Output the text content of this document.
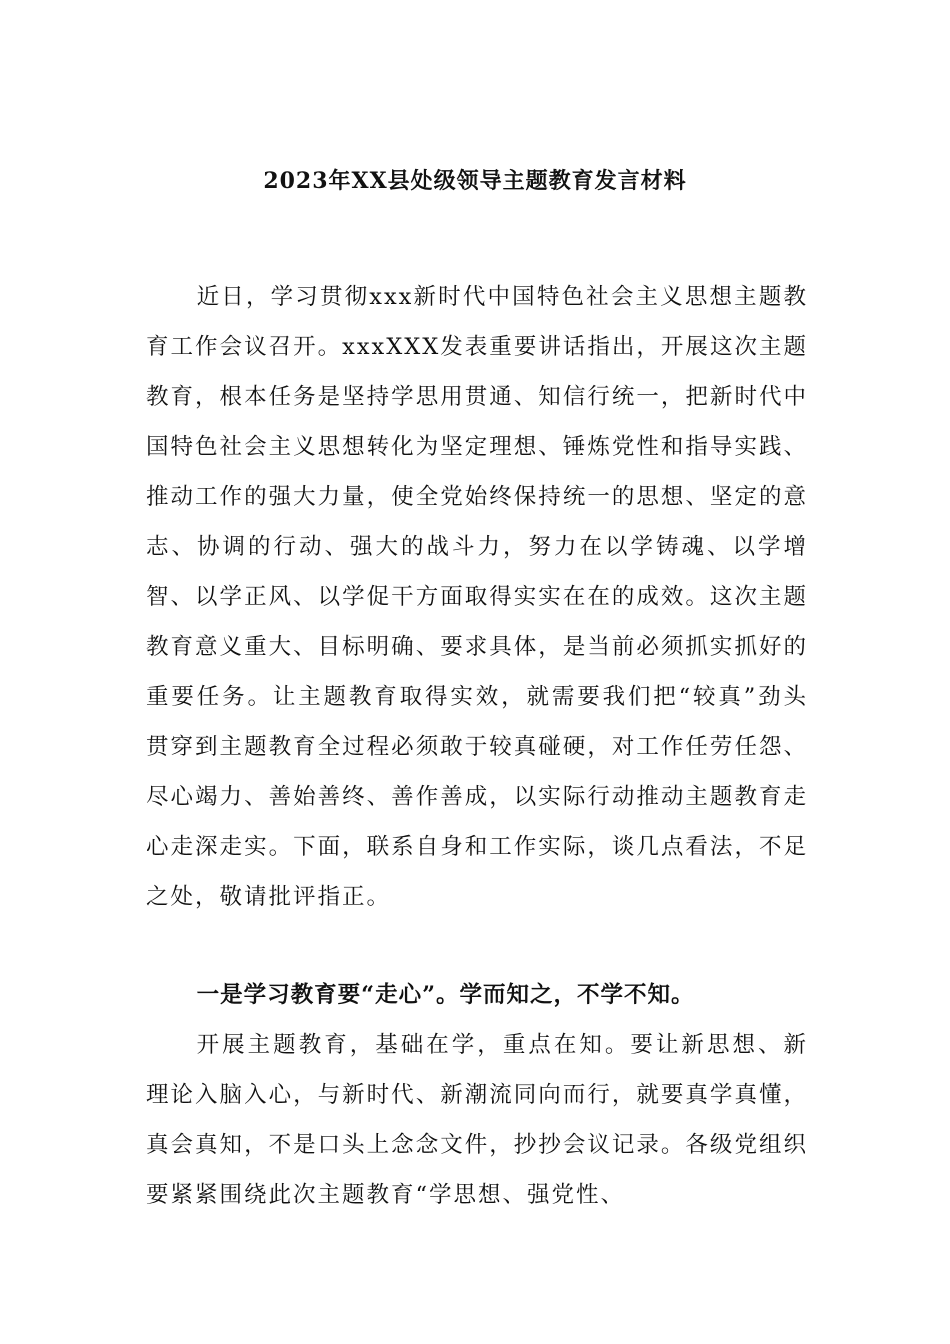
2023年XX县处级领导主题教育发言材料

近日，学习贯彻xxx新时代中国特色社会主义思想主题教育工作会议召开。xxxXXX发表重要讲话指出，开展这次主题教育，根本任务是坚持学思用贯通、知信行统一，把新时代中国特色社会主义思想转化为坚定理想、锤炼党性和指导实践、推动工作的强大力量，使全党始终保持统一的思想、坚定的意志、协调的行动、强大的战斗力，努力在以学铸魂、以学增智、以学正风、以学促干方面取得实实在在的成效。这次主题教育意义重大、目标明确、要求具体，是当前必须抓实抓好的重要任务。让主题教育取得实效，就需要我们把“较真”劲头贯穿到主题教育全过程必须敢于较真碰硬，对工作任劳任怨、尽心竭力、善始善终、善作善成，以实际行动推动主题教育走心走深走实。下面，联系自身和工作实际，谈几点看法，不足之处，敬请批评指正。

一是学习教育要“走心”。学而知之，不学不知。

开展主题教育，基础在学，重点在知。要让新思想、新理论入脑入心，与新时代、新潮流同向而行，就要真学真懂，真会真知，不是口头上念念文件，抄抄会议记录。各级党组织要紧紧围绕此次主题教育“学思想、强党性、
